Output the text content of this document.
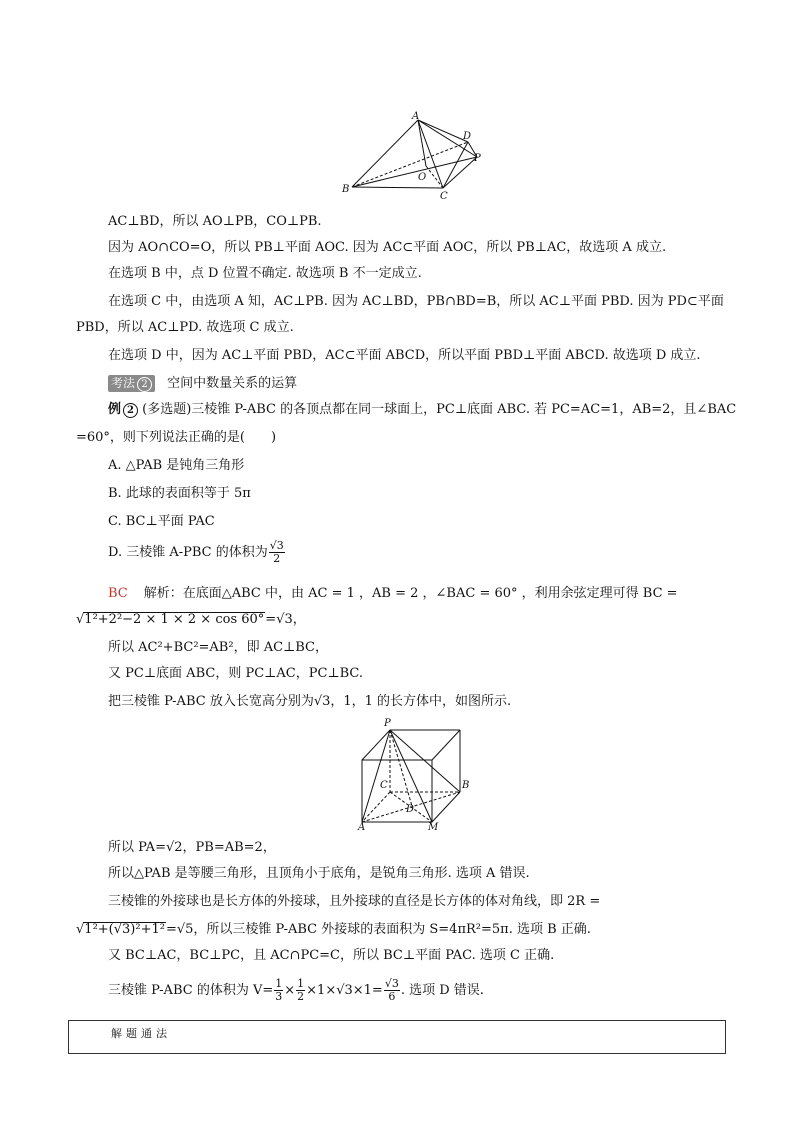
A
B
C
D
P
O
AC⊥BD，所以 AO⊥PB，CO⊥PB.
因为 AO∩CO=O，所以 PB⊥平面 AOC. 因为 AC⊂平面 AOC，所以 PB⊥AC，故选项 A 成立.
在选项 B 中，点 D 位置不确定. 故选项 B 不一定成立.
在选项 C 中，由选项 A 知，AC⊥PB. 因为 AC⊥BD，PB∩BD=B，所以 AC⊥平面 PBD. 因为 PD⊂平面
PBD，所以 AC⊥PD. 故选项 C 成立.
在选项 D 中，因为 AC⊥平面 PBD，AC⊂平面 ABCD，所以平面 PBD⊥平面 ABCD. 故选项 D 成立.
考法 2 空间中数量关系的运算
例 2 (多选题)三棱锥 P-ABC 的各顶点都在同一球面上，PC⊥底面 ABC. 若 PC=AC=1，AB=2，且∠BAC
=60°，则下列说法正确的是(　　)
A. △PAB 是钝角三角形
B. 此球的表面积等于 5π
C. BC⊥平面 PAC
D. 三棱锥 A-PBC 的体积为 $\frac{√3}{2}$
BC 解析：在底面△ABC 中，由 AC = 1 ，AB = 2 ，∠BAC = 60° ，利用余弦定理可得 BC =
√1²+2²−2 × 1 × 2 × cos 60°=√3，
所以 AC²+BC²=AB²，即 AC⊥BC，
又 PC⊥底面 ABC，则 PC⊥AC，PC⊥BC.
把三棱锥 P-ABC 放入长宽高分别为√3，1，1 的长方体中，如图所示.
P
C	B
D
A	M
所以 PA=√2，PB=AB=2，
所以△PAB 是等腰三角形，且顶角小于底角，是锐角三角形. 选项 A 错误.
三棱锥的外接球也是长方体的外接球，且外接球的直径是长方体的体对角线，即 2R =
√1²+(√3)²+1²=√5，所以三棱锥 P-ABC 外接球的表面积为 S=4πR²=5π. 选项 B 正确.
又 BC⊥AC，BC⊥PC，且 AC∩PC=C，所以 BC⊥平面 PAC. 选项 C 正确.
三棱锥 P-ABC 的体积为 $V= \frac{1}{3} \times \frac{1}{2} \times 1\times√3\times 1= \frac{√3}{6}$ . 选项 D 错误.
解题通法
